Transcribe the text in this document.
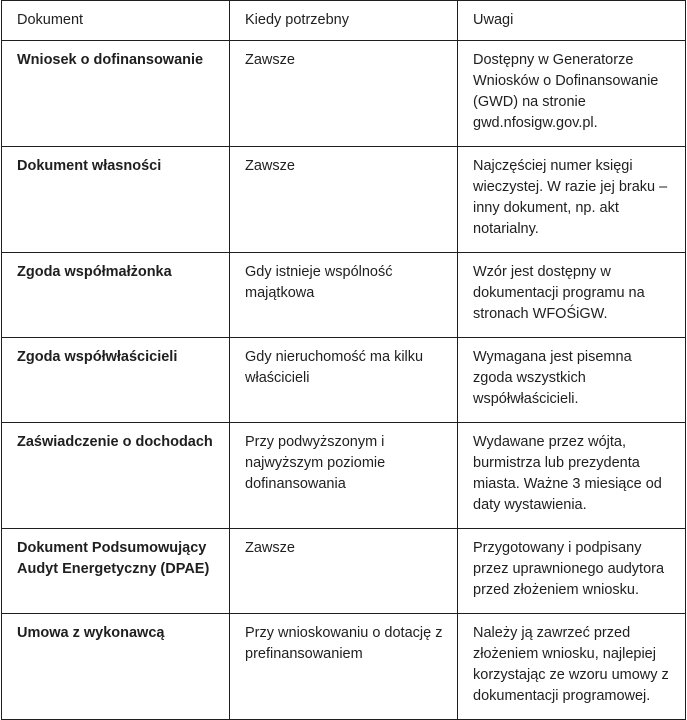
Dokument	Kiedy potrzebny	Uwagi
Wniosek o dofinansowanie	Zawsze	Dostępny w Generatorze Wniosków o Dofinansowanie (GWD) na stronie gwd.nfosigw.gov.pl.
Dokument własności	Zawsze	Najczęściej numer księgi wieczystej. W razie jej braku – inny dokument, np. akt notarialny.
Zgoda współmałżonka	Gdy istnieje wspólność majątkowa	Wzór jest dostępny w dokumentacji programu na stronach WFOŚiGW.
Zgoda współwłaścicieli	Gdy nieruchomość ma kilku właścicieli	Wymagana jest pisemna zgoda wszystkich współwłaścicieli.
Zaświadczenie o dochodach	Przy podwyższonym i najwyższym poziomie dofinansowania	Wydawane przez wójta, burmistrza lub prezydenta miasta. Ważne 3 miesiące od daty wystawienia.
Dokument Podsumowujący Audyt Energetyczny (DPAE)	Zawsze	Przygotowany i podpisany przez uprawnionego audytora przed złożeniem wniosku.
Umowa z wykonawcą	Przy wnioskowaniu o dotację z prefinansowaniem	Należy ją zawrzeć przed złożeniem wniosku, najlepiej korzystając ze wzoru umowy z dokumentacji programowej.
